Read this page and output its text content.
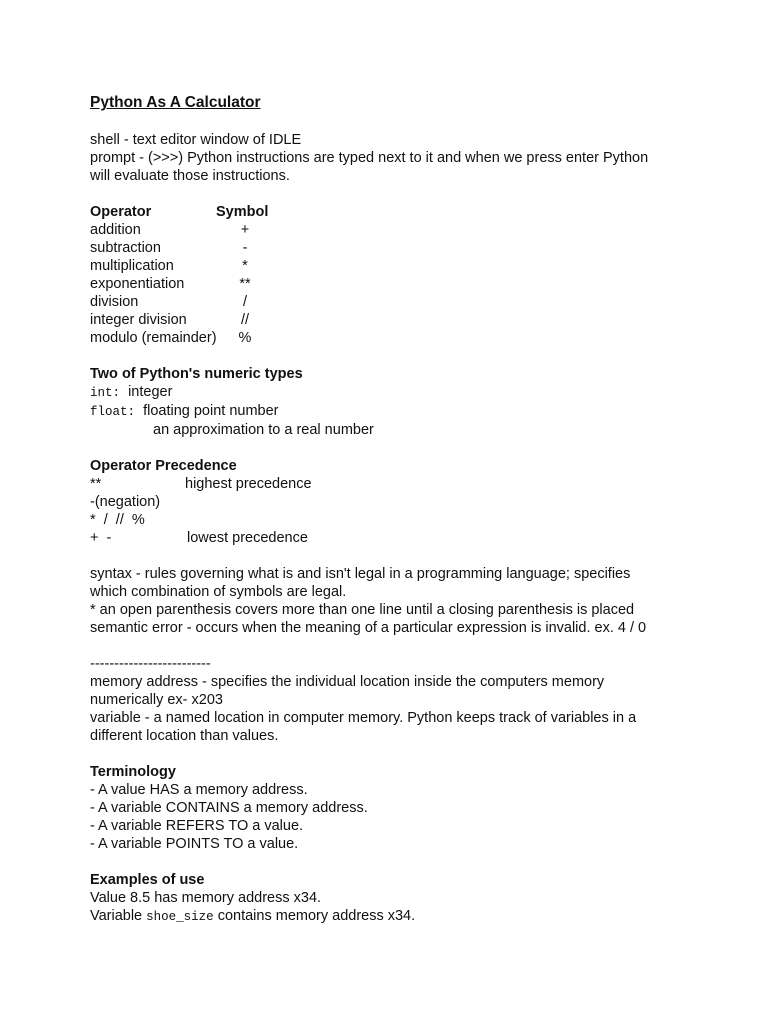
Python As A Calculator
shell - text editor window of IDLE
prompt - (>>>) Python instructions are typed next to it and when we press enter Python
will evaluate those instructions.
Operator	Symbol
addition	+
subtraction	-
multiplication	*
exponentiation	**
division	/
integer division	//
modulo (remainder) %
Two of Python's numeric types
int: integer
float: floating point number
an approximation to a real number
Operator Precedence
**	highest precedence
-(negation)
*  /  //  %
+  -	lowest precedence
syntax - rules governing what is and isn't legal in a programming language; specifies
which combination of symbols are legal.
* an open parenthesis covers more than one line until a closing parenthesis is placed
semantic error - occurs when the meaning of a particular expression is invalid. ex. 4 / 0
-------------------------
memory address - specifies the individual location inside the computers memory
numerically ex- x203
variable - a named location in computer memory. Python keeps track of variables in a
different location than values.
Terminology
- A value HAS a memory address.
- A variable CONTAINS a memory address.
- A variable REFERS TO a value.
- A variable POINTS TO a value.
Examples of use
Value 8.5 has memory address x34.
Variable shoe_size contains memory address x34.
